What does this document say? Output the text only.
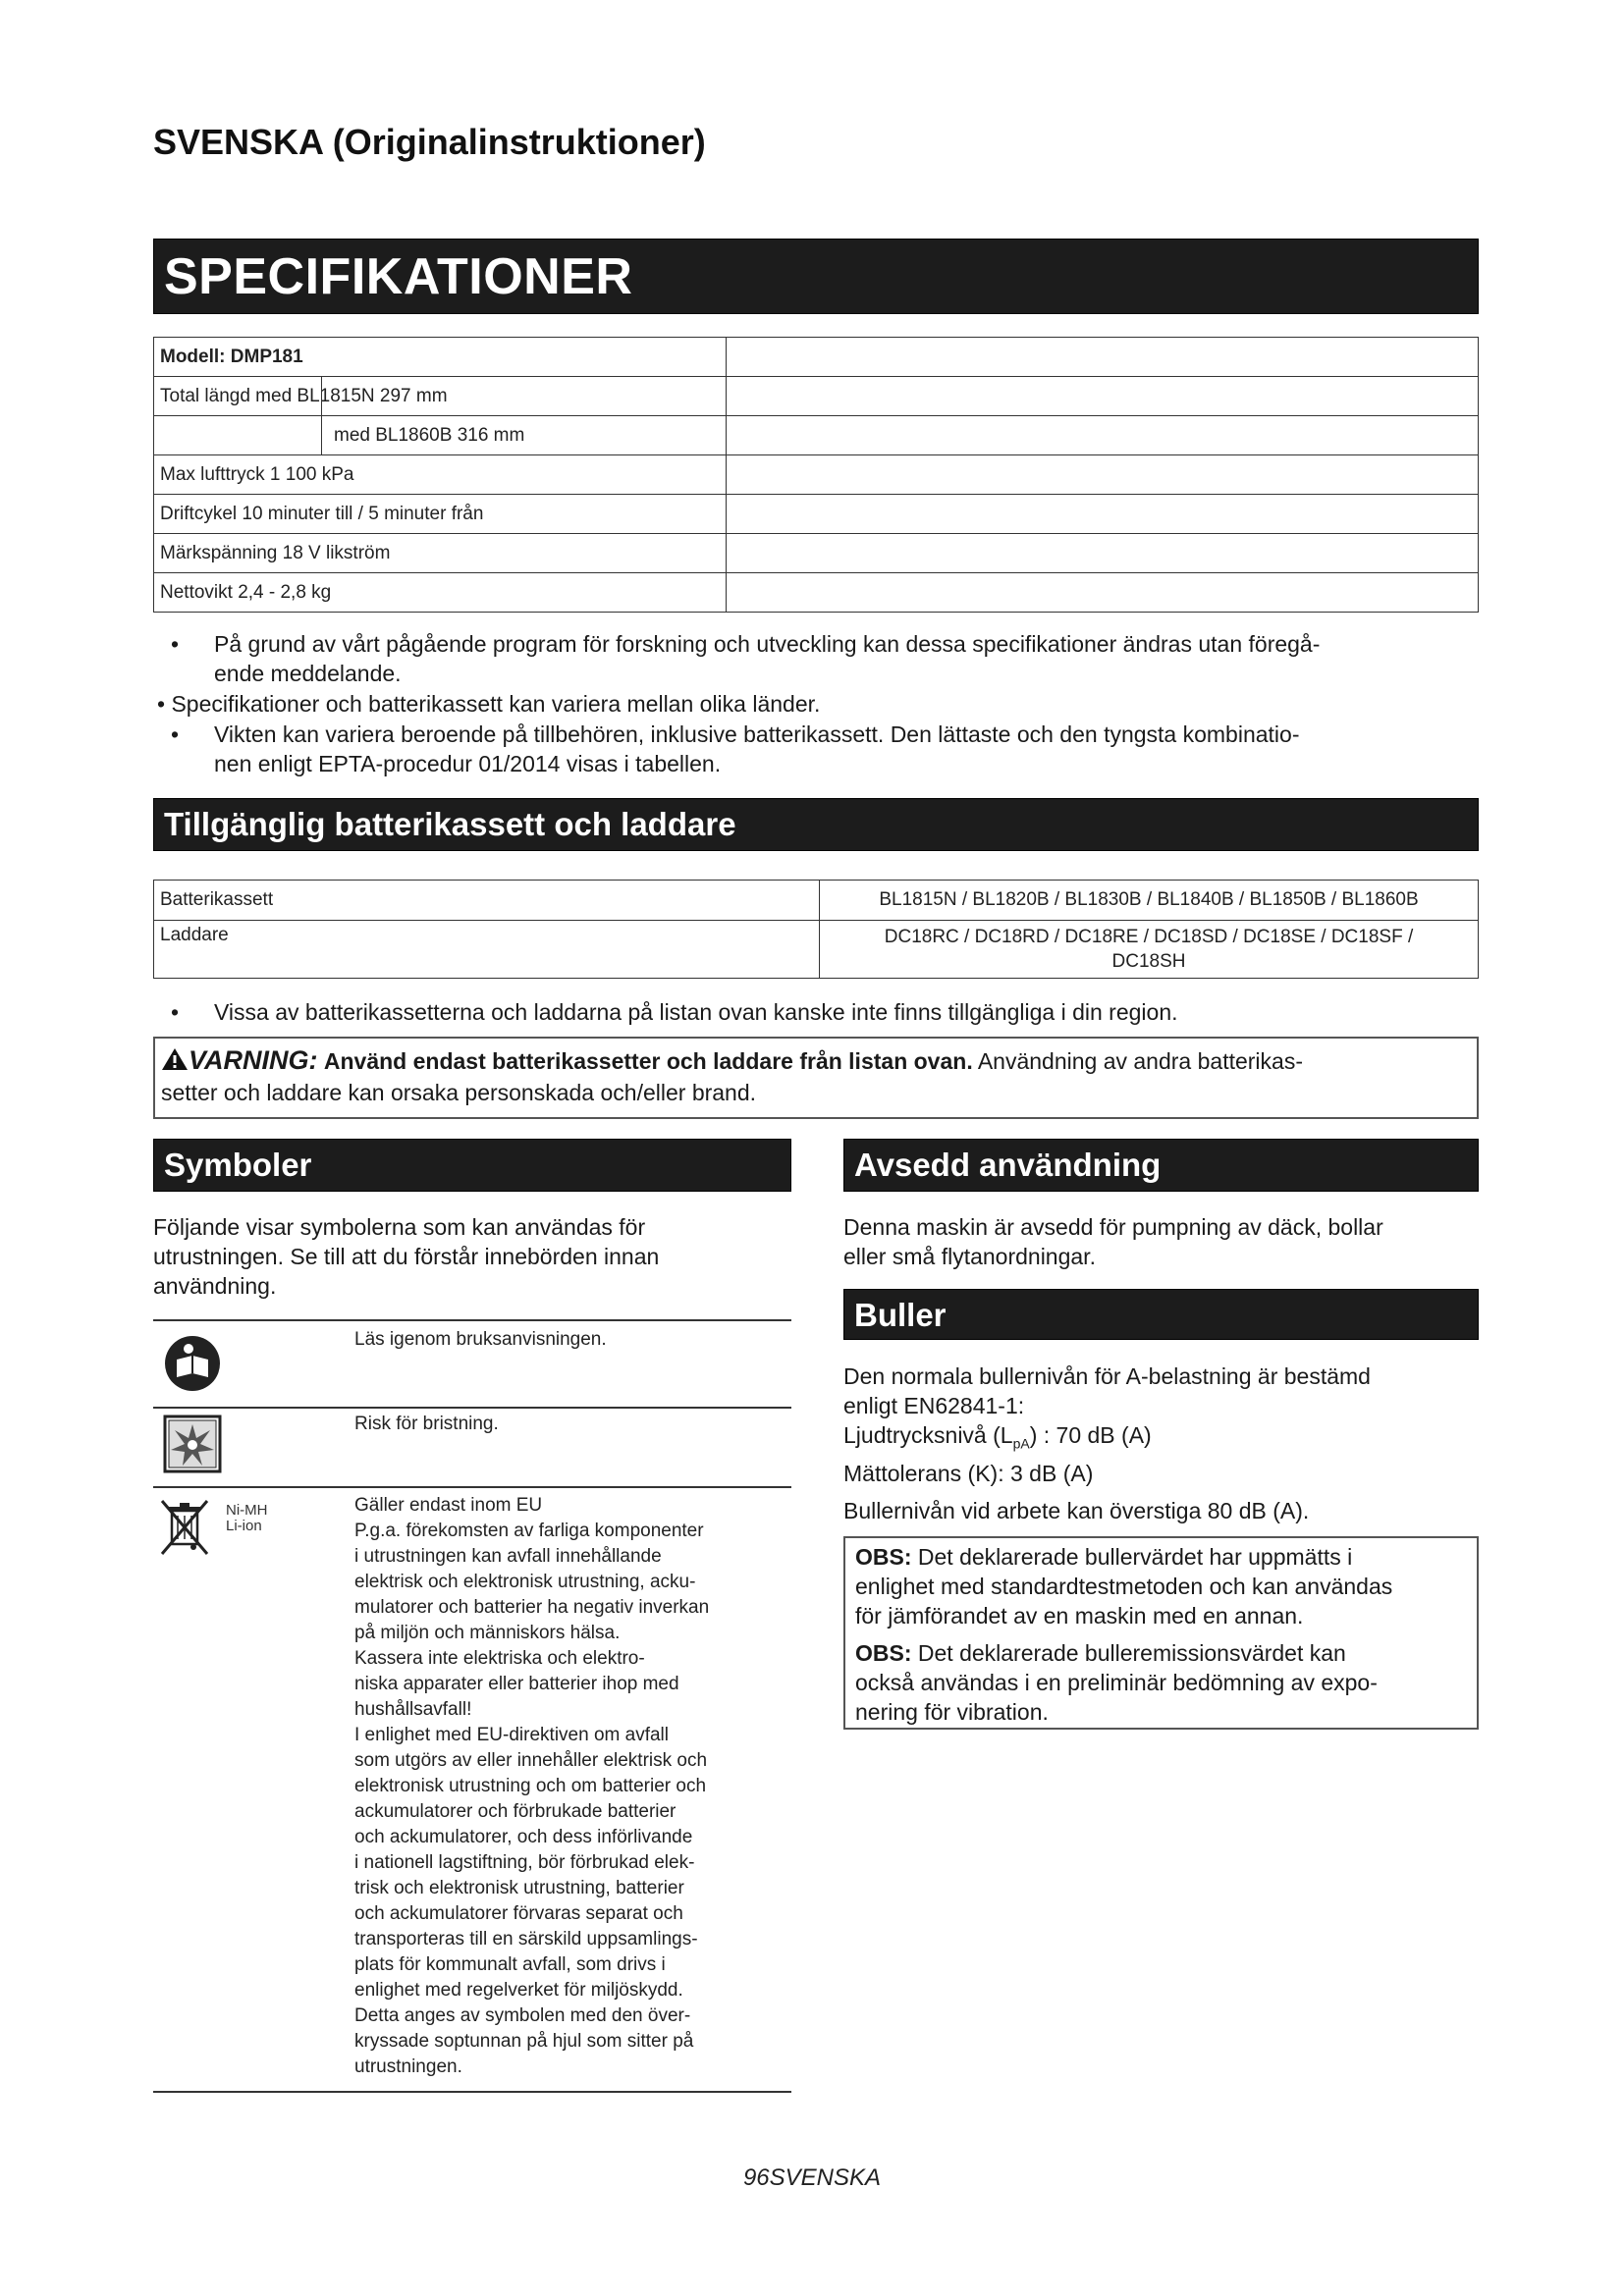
SVENSKA (Originalinstruktioner)
SPECIFIKATIONER
Modell: DMP181	

Total längd med BL1815N 297 mm	

med BL1860B 316 mm	

Max lufttryck 1 100 kPa	
Driftcykel 10 minuter till / 5 minuter från	
Märkspänning 18 V likström	
Nettovikt 2,4 - 2,8 kg	
• På grund av vårt pågående program för forskning och utveckling kan dessa specifikationer ändras utan föregå-
ende meddelande.
• Specifikationer och batterikassett kan variera mellan olika länder.
• Vikten kan variera beroende på tillbehören, inklusive batterikassett. Den lättaste och den tyngsta kombinatio-
nen enligt EPTA-procedur 01/2014 visas i tabellen.
Tillgänglig batterikassett och laddare
Batterikassett	BL1815N / BL1820B / BL1830B / BL1840B / BL1850B / BL1860B
Laddare	DC18RC / DC18RD / DC18RE / DC18SD / DC18SE / DC18SF / DC18SH
• Vissa av batterikassetterna och laddarna på listan ovan kanske inte finns tillgängliga i din region.
VARNING: Använd endast batterikassetter och laddare från listan ovan. Användning av andra batterikas-
setter och laddare kan orsaka personskada och/eller brand.
Symboler
Följande visar symbolerna som kan användas för
utrustningen. Se till att du förstår innebörden innan
användning.
Läs igenom bruksanvisningen.
Risk för bristning.
Ni-MH
Li-ion
Gäller endast inom EU
P.g.a. förekomsten av farliga komponenter
i utrustningen kan avfall innehållande
elektrisk och elektronisk utrustning, acku-
mulatorer och batterier ha negativ inverkan
på miljön och människors hälsa.
Kassera inte elektriska och elektro-
niska apparater eller batterier ihop med
hushållsavfall!
I enlighet med EU-direktiven om avfall
som utgörs av eller innehåller elektrisk och
elektronisk utrustning och om batterier och
ackumulatorer och förbrukade batterier
och ackumulatorer, och dess införlivande
i nationell lagstiftning, bör förbrukad elek-
trisk och elektronisk utrustning, batterier
och ackumulatorer förvaras separat och
transporteras till en särskild uppsamlings-
plats för kommunalt avfall, som drivs i
enlighet med regelverket för miljöskydd.
Detta anges av symbolen med den över-
kryssade soptunnan på hjul som sitter på
utrustningen.
Avsedd användning
Denna maskin är avsedd för pumpning av däck, bollar
eller små flytanordningar.
Buller
Den normala bullernivån för A-belastning är bestämd
enligt EN62841-1:
Ljudtrycksnivå $(L_{pA})$ : 70 dB (A)
Mättolerans (K): 3 dB (A)
Bullernivån vid arbete kan överstiga 80 dB (A).
OBS: Det deklarerade bullervärdet har uppmätts i
enlighet med standardtestmetoden och kan användas
för jämförandet av en maskin med en annan.
OBS: Det deklarerade bulleremissionsvärdet kan
också användas i en preliminär bedömning av expo-
nering för vibration.
96SVENSKA
